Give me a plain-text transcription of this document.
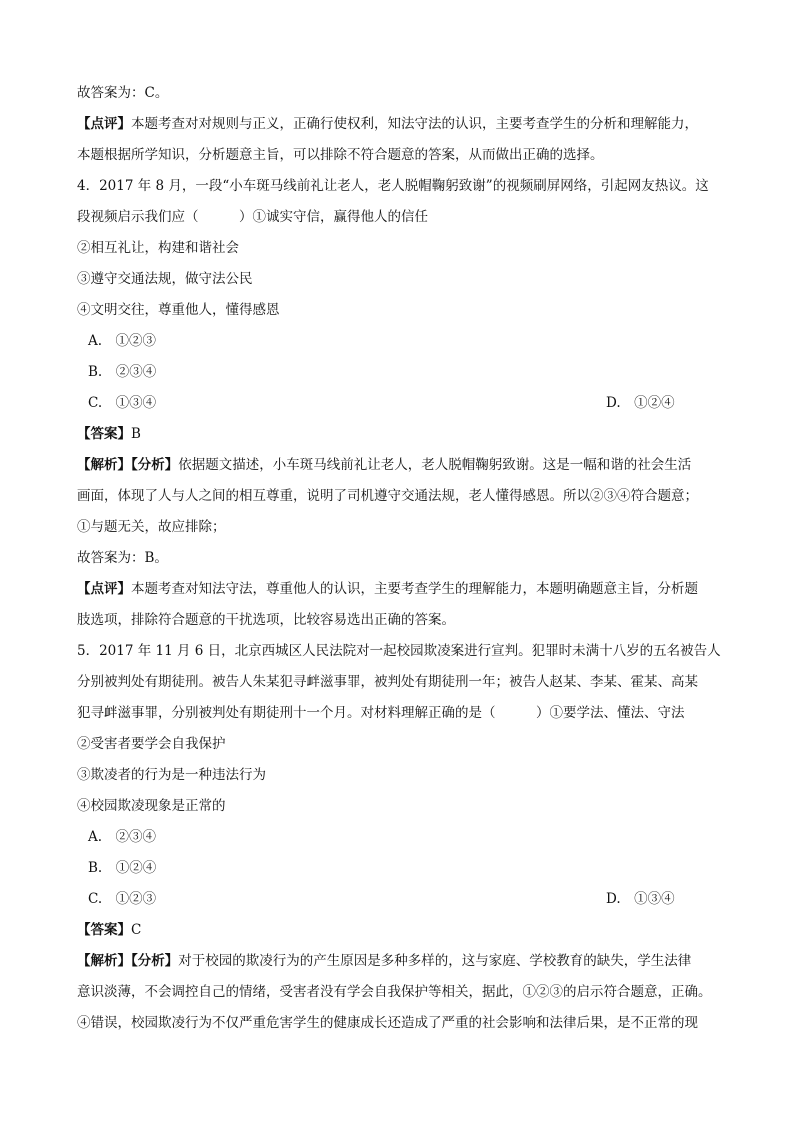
故答案为：C。
【点评】本题考查对对规则与正义，正确行使权利，知法守法的认识，主要考查学生的分析和理解能力，
本题根据所学知识，分析题意主旨，可以排除不符合题意的答案，从而做出正确的选择。
4．2017 年 8 月，一段“小车斑马线前礼让老人，老人脱帽鞠躬致谢”的视频刷屏网络，引起网友热议。这
段视频启示我们应（　　　）①诚实守信，赢得他人的信任
②相互礼让，构建和谐社会
③遵守交通法规，做守法公民
④文明交往，尊重他人，懂得感恩
A.　①②③
B.　②③④
C.　①③④	D.　①②④
【答案】B
【解析】【分析】依据题文描述，小车斑马线前礼让老人，老人脱帽鞠躬致谢。这是一幅和谐的社会生活
画面，体现了人与人之间的相互尊重，说明了司机遵守交通法规，老人懂得感恩。所以②③④符合题意；
①与题无关，故应排除；
故答案为：B。
【点评】本题考查对知法守法，尊重他人的认识，主要考查学生的理解能力，本题明确题意主旨，分析题
肢选项，排除符合题意的干扰选项，比较容易选出正确的答案。
5．2017 年 11 月 6 日，北京西城区人民法院对一起校园欺凌案进行宣判。犯罪时未满十八岁的五名被告人
分别被判处有期徒刑。被告人朱某犯寻衅滋事罪，被判处有期徒刑一年；被告人赵某、李某、霍某、高某
犯寻衅滋事罪，分别被判处有期徒刑十一个月。对材料理解正确的是（　　　）①要学法、懂法、守法
②受害者要学会自我保护
③欺凌者的行为是一种违法行为
④校园欺凌现象是正常的
A.　②③④
B.　①②④
C.　①②③	D.　①③④
【答案】C
【解析】【分析】对于校园的欺凌行为的产生原因是多种多样的，这与家庭、学校教育的缺失，学生法律
意识淡薄，不会调控自己的情绪，受害者没有学会自我保护等相关，据此，①②③的启示符合题意，正确。
④错误，校园欺凌行为不仅严重危害学生的健康成长还造成了严重的社会影响和法律后果，是不正常的现
